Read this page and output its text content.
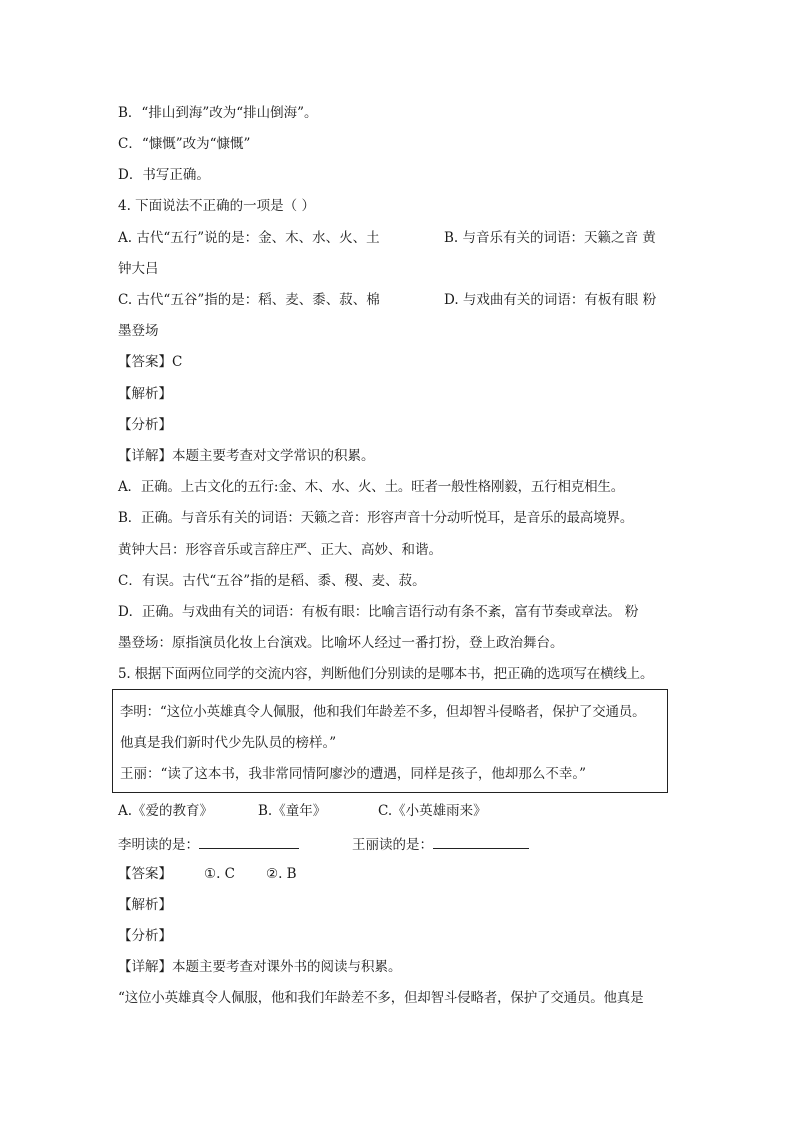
B．“排山到海”改为“排山倒海”。
C．“慷慨”改为“慷慨”
D．书写正确。
4. 下面说法不正确的一项是（ ）
A. 古代“五行”说的是：金、木、水、火、土	B. 与音乐有关的词语：天籁之音 黄
钟大吕
C. 古代“五谷”指的是：稻、麦、黍、菽、棉	D. 与戏曲有关的词语：有板有眼 粉
墨登场
【答案】C
【解析】
【分析】
【详解】本题主要考查对文学常识的积累。
A．正确。上古文化的五行:金、木、水、火、土。旺者一般性格刚毅，五行相克相生。
B．正确。与音乐有关的词语：天籁之音：形容声音十分动听悦耳，是音乐的最高境界。
黄钟大吕：形容音乐或言辞庄严、正大、高妙、和谐。
C．有误。古代“五谷”指的是稻、黍、稷、麦、菽。
D．正确。与戏曲有关的词语：有板有眼：比喻言语行动有条不紊，富有节奏或章法。 粉
墨登场：原指演员化妆上台演戏。比喻坏人经过一番打扮，登上政治舞台。
5. 根据下面两位同学的交流内容，判断他们分别读的是哪本书，把正确的选项写在横线上。
李明：“这位小英雄真令人佩服，他和我们年龄差不多，但却智斗侵略者，保护了交通员。
他真是我们新时代少先队员的榜样。”
王丽：“读了这本书，我非常同情阿廖沙的遭遇，同样是孩子，他却那么不幸。”
A.《爱的教育》	B.《童年》	C.《小英雄雨来》
李明读的是：	王丽读的是：
【答案】 ①. C ②. B
【解析】
【分析】
【详解】本题主要考查对课外书的阅读与积累。
“这位小英雄真令人佩服，他和我们年龄差不多，但却智斗侵略者，保护了交通员。他真是
